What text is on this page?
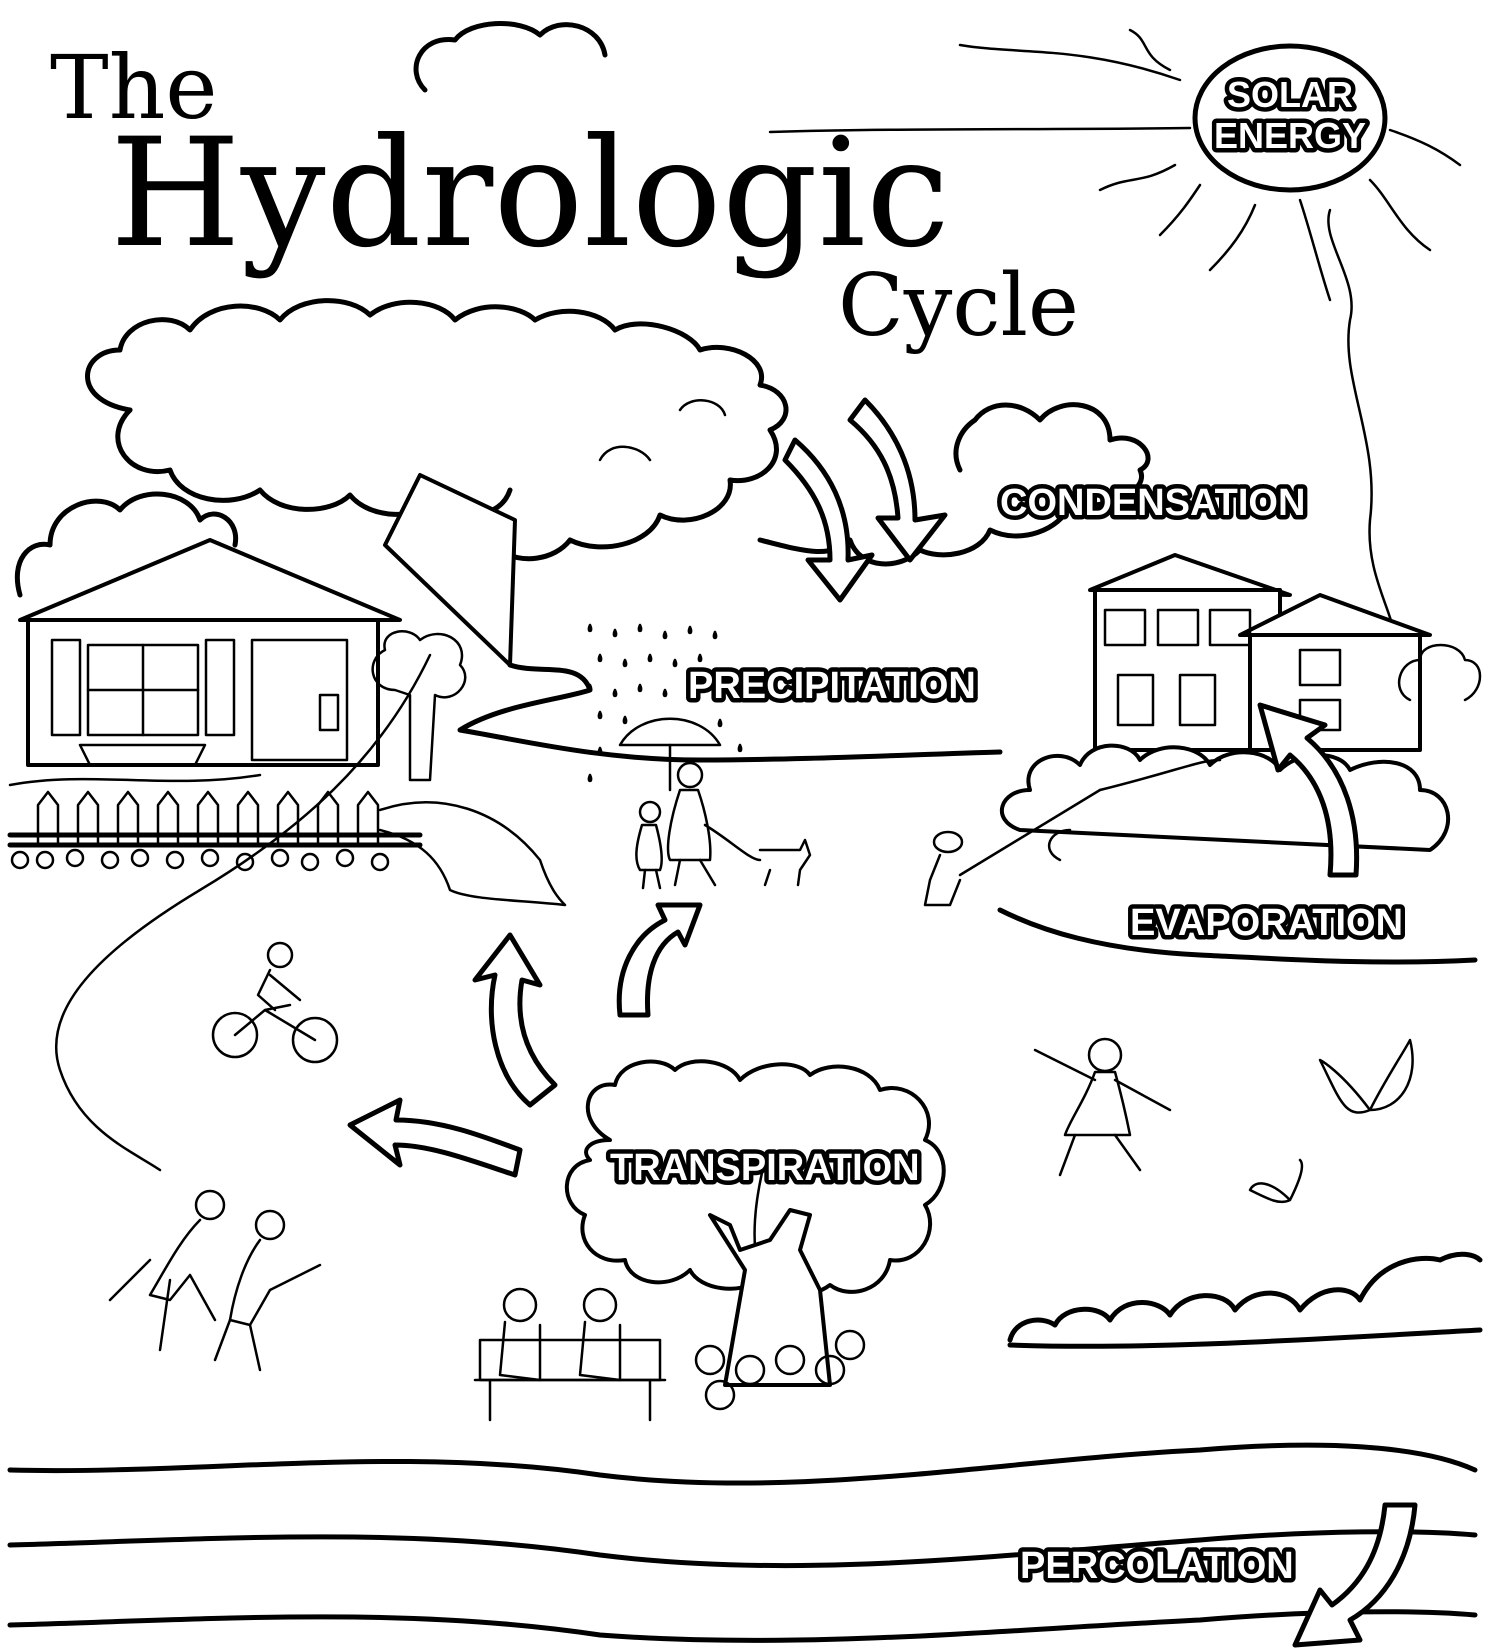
The
Hydrologic
Cycle
SOLAR
ENERGY
CONDENSATION
PRECIPITATION
EVAPORATION
TRANSPIRATION
PERCOLATION
